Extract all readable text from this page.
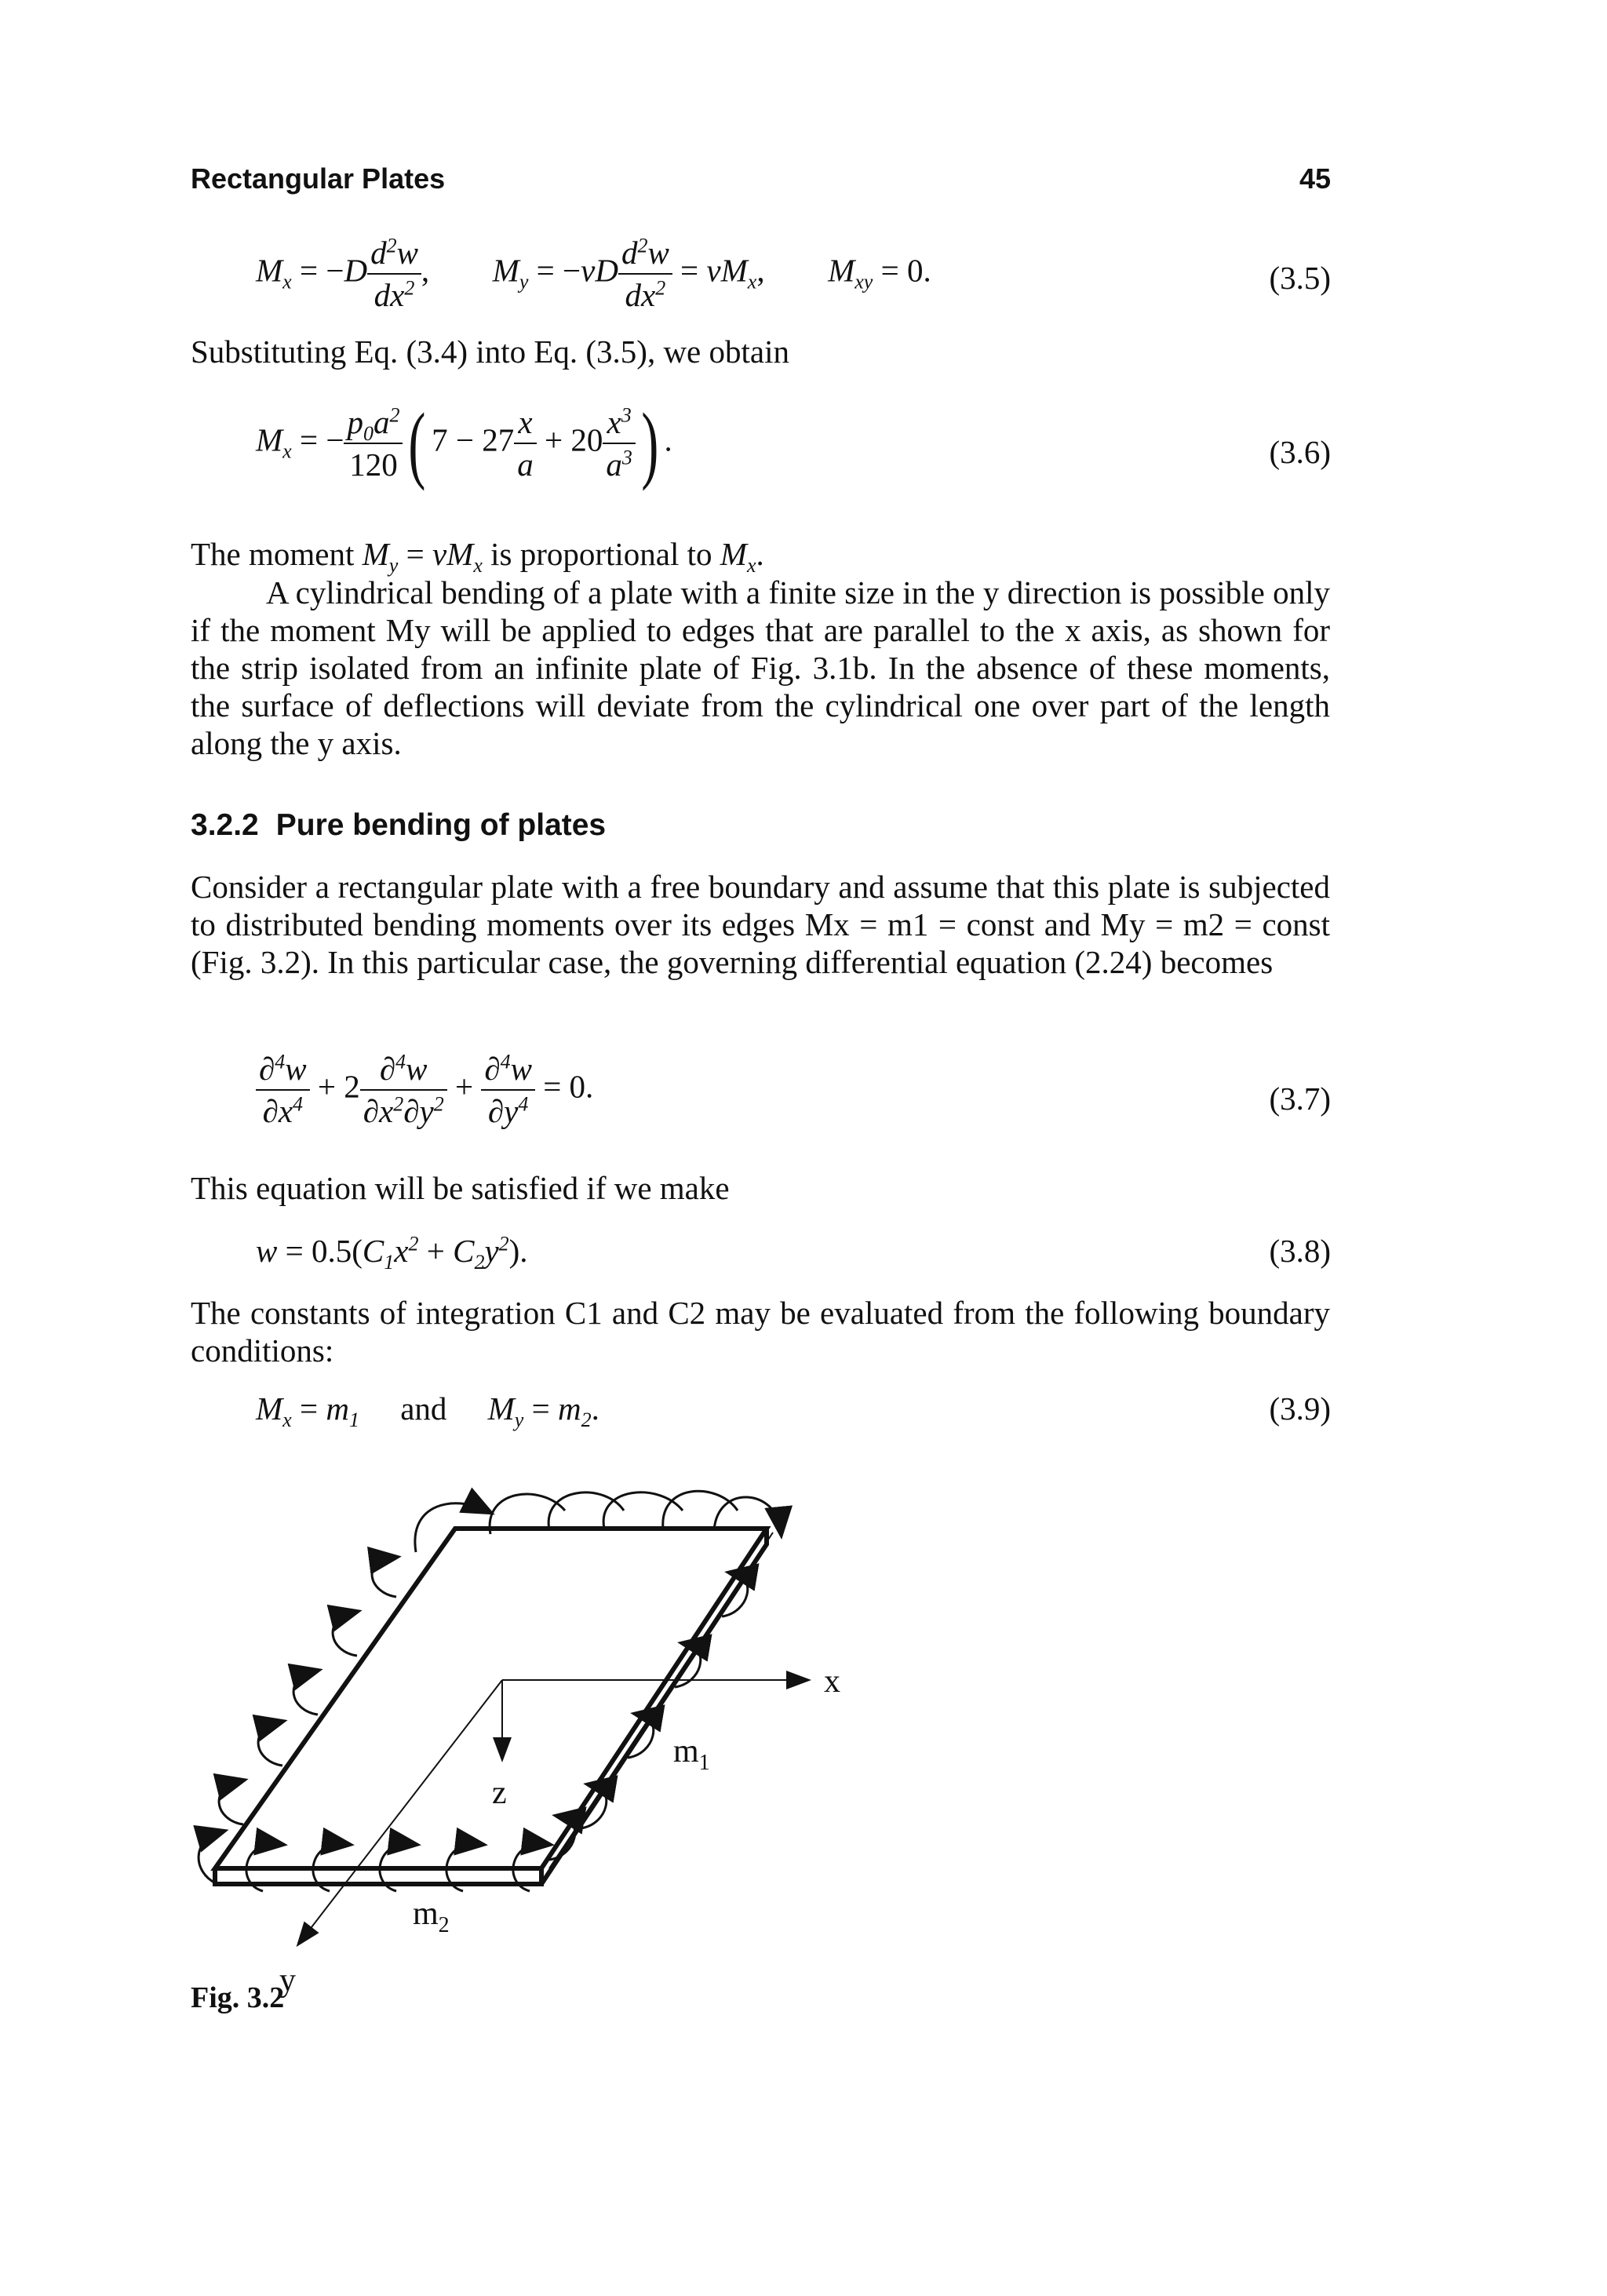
Rectangular Plates	45
$M_x = -D \frac{d^2w}{dx^2}$ ,  $M_y = -\nu D \frac{d^2w}{dx^2} = \nu M_x$,  $M_{xy} = 0$.	(3.5)

Substituting Eq. (3.4) into Eq. (3.5), we obtain

$M_x$ = − $\frac{p_0a^2}{120}$ ( $7 - 27 \frac{x}{a} + 20 \frac{x^3}{a^3}$ ) .	(3.6)
The moment $M_y = \nu M_x$ is proportional to $M_x$.

A cylindrical bending of a plate with a finite size in the y direction is possible only if the moment My will be applied to edges that are parallel to the x axis, as shown for the strip isolated from an infinite plate of Fig. 3.1b. In the absence of these moments, the surface of deflections will deviate from the cylindrical one over part of the length along the y axis.

3.2.2 Pure bending of plates

Consider a rectangular plate with a free boundary and assume that this plate is subjected to distributed bending moments over its edges Mx = m1 = const and My = m2 = const (Fig. 3.2). In this particular case, the governing differential equation (2.24) becomes

$\frac{\partial^4w}{\partial x^4} + 2 \frac{\partial^4w}{\partial x^2\partial y^2} + \frac{\partial^4w}{\partial y^4} = 0$.	(3.7)

This equation will be satisfied if we make

$w = 0.5(C_1x^2 + C_2y^2)$.	(3.8)

The constants of integration C1 and C2 may be evaluated from the following boundary conditions:

$M_x = m_1$ and $M_y = m_2$.	(3.9)
x
z
y
$m_1$
$m_2$
Fig. 3.2
